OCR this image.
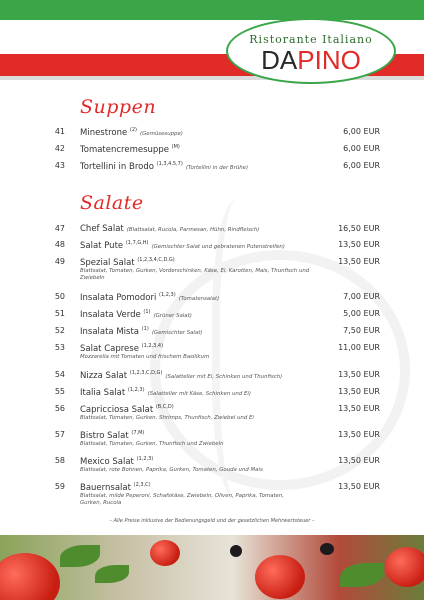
Ristorante Italiano
DAPINO
Suppen
41 Minestrone $^{(2)}$(Gemüsesuppe)	6,00 EUR
42 Tomatencremesuppe $^{(M)}$	6,00 EUR
43 Tortellini in Brodo $^{(1,3,4,5,7)}$(Tortellini in der Brühe)	6,00 EUR
Salate
47 Chef Salat (Blattsalat, Rucola, Parmesan, Hühn, Rindfleisch)	16,50 EUR
48 Salat Pute $^{(1,7,G,H)}$(Gemischter Salat und gebratenen Putenstreifen)	13,50 EUR
49 Spezial Salat $^{(1,2,3,4,C,D,G)}$	13,50 EUR
Blattsalat, Tomaten, Gurken, Vorderschinken, Käse, Ei, Karotten, Mais, Thunfisch und Zwiebeln
50 Insalata Pomodori $^{(1,2,3)}$(Tomatensalat)	7,00 EUR
51 Insalata Verde $^{(1)}$(Grüner Salat)	5,00 EUR
52 Insalata Mista $^{(1)}$(Gemischter Salat)	7,50 EUR
53 Salat Caprese $^{(1,2,3,4)}$	11,00 EUR
Mozzarella mit Tomaten und frischem Basilikum
54 Nizza Salat $^{(1,2,3,C,D,G)}$(Salatteller mit Ei, Schinken und Thunfisch)	13,50 EUR
55 Italia Salat $^{(1,2,3)}$(Salatteller mit Käse, Schinken und Ei)	13,50 EUR
56 Capricciosa Salat $^{(B,C,D)}$	13,50 EUR
Blattsalat, Tomaten, Gurken, Shrimps, Thunfisch, Zwiebel und Ei
57 Bistro Salat $^{(7,M)}$	13,50 EUR
Blattsalat, Tomaten, Gurken, Thunfisch und Zwiebeln
58 Mexico Salat $^{(1,2,3)}$	13,50 EUR
Blattsalat, rote Bohnen, Paprika, Gurken, Tomaten, Gouda und Mais
59 Bauernsalat $^{(2,3,C)}$	13,50 EUR
Blattsalat, milde Peperoni, Schafskäse, Zwiebeln, Oliven, Paprika, Tomaten, Gurken, Rucola
– Alle Preise inklusive der Bedienungsgeld und der gesetzlichen Mehrwertsteuer –
